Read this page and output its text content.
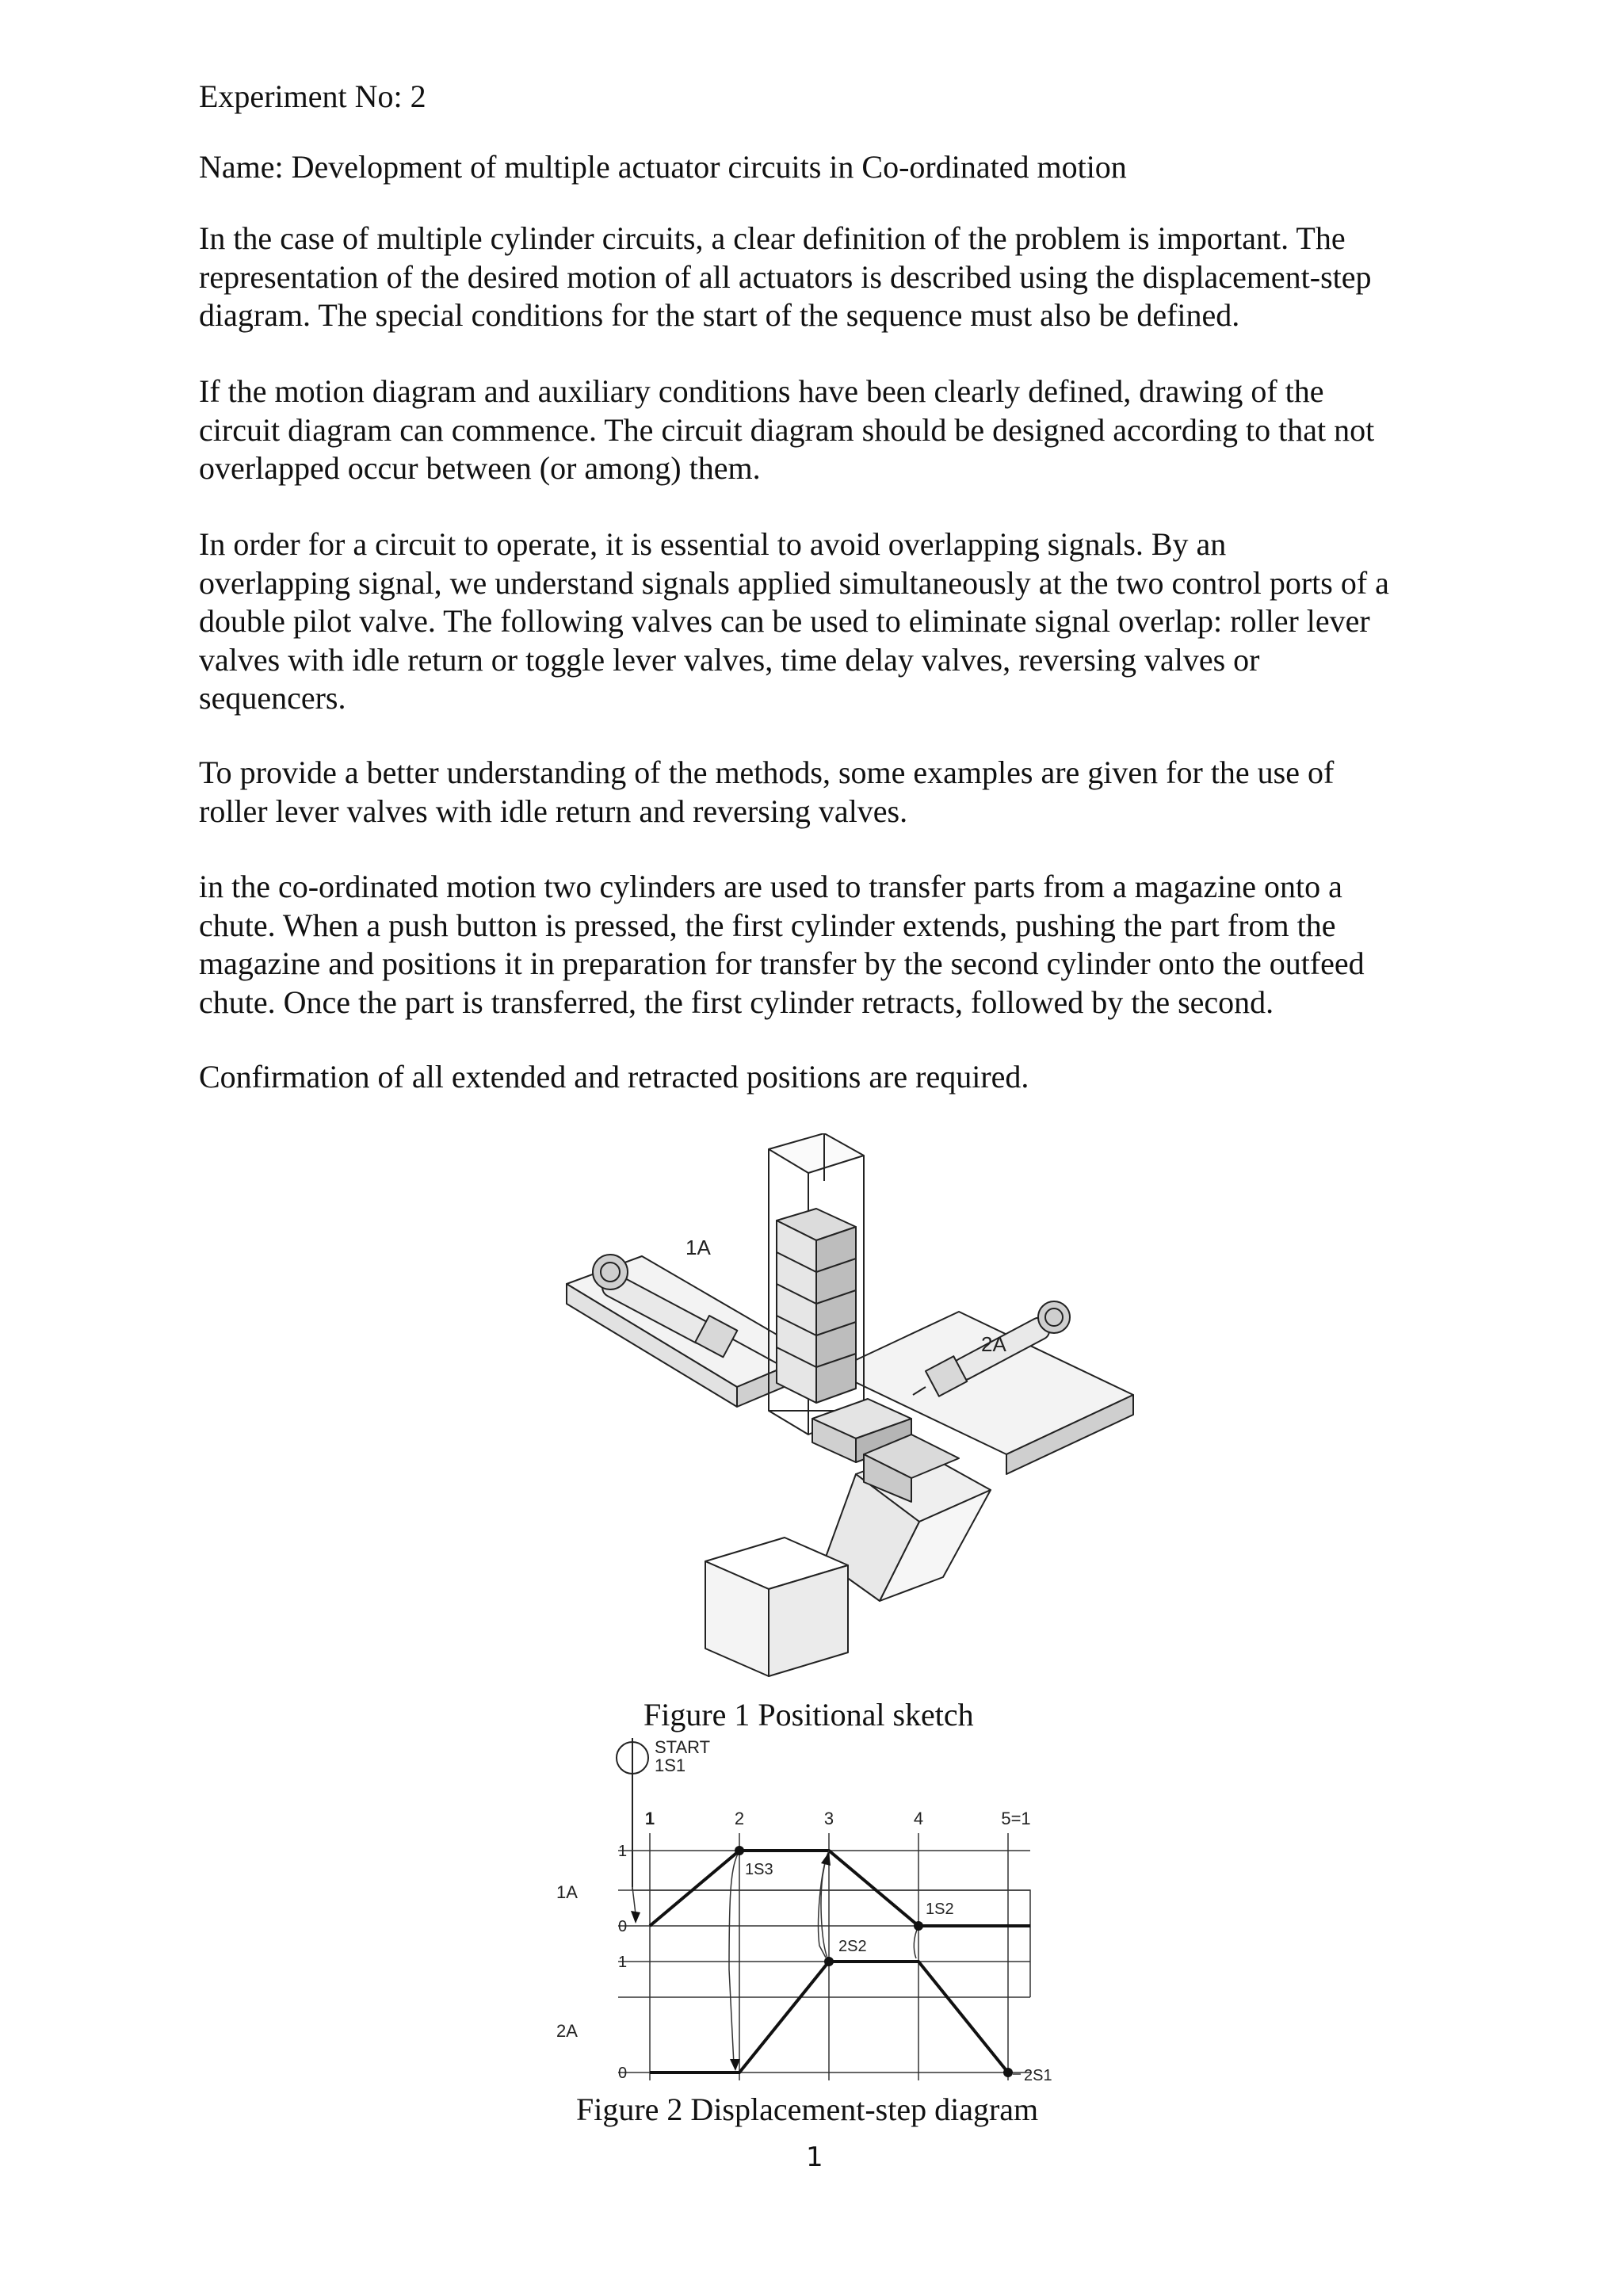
Experiment No: 2
Name: Development of multiple actuator circuits in Co-ordinated motion
In the case of multiple cylinder circuits, a clear definition of the problem is important. The
representation of the desired motion of all actuators is described using the displacement-step
diagram. The special conditions for the start of the sequence must also be defined.
If the motion diagram and auxiliary conditions have been clearly defined, drawing of the
circuit diagram can commence. The circuit diagram should be designed according to that not
overlapped occur between (or among) them.
In order for a circuit to operate, it is essential to avoid overlapping signals. By an
overlapping signal, we understand signals applied simultaneously at the two control ports of a
double pilot valve. The following valves can be used to eliminate signal overlap: roller lever
valves with idle return or toggle lever valves, time delay valves, reversing valves or
sequencers.
To provide a better understanding of the methods, some examples are given for the use of
roller lever valves with idle return and reversing valves.
in the co-ordinated motion two cylinders are used to transfer parts from a magazine onto a
chute. When a push button is pressed, the first cylinder extends, pushing the part from the
magazine and positions it in preparation for transfer by the second cylinder onto the outfeed
chute. Once the part is transferred, the first cylinder retracts, followed by the second.
Confirmation of all extended and retracted positions are required.
1A
2A
Figure 1 Positional sketch
START
1S1
1	2	3	4	5=1
1
1A
0
1
2A
0
1S3
1S2
2S2
2S1
Figure 2 Displacement-step diagram
1
